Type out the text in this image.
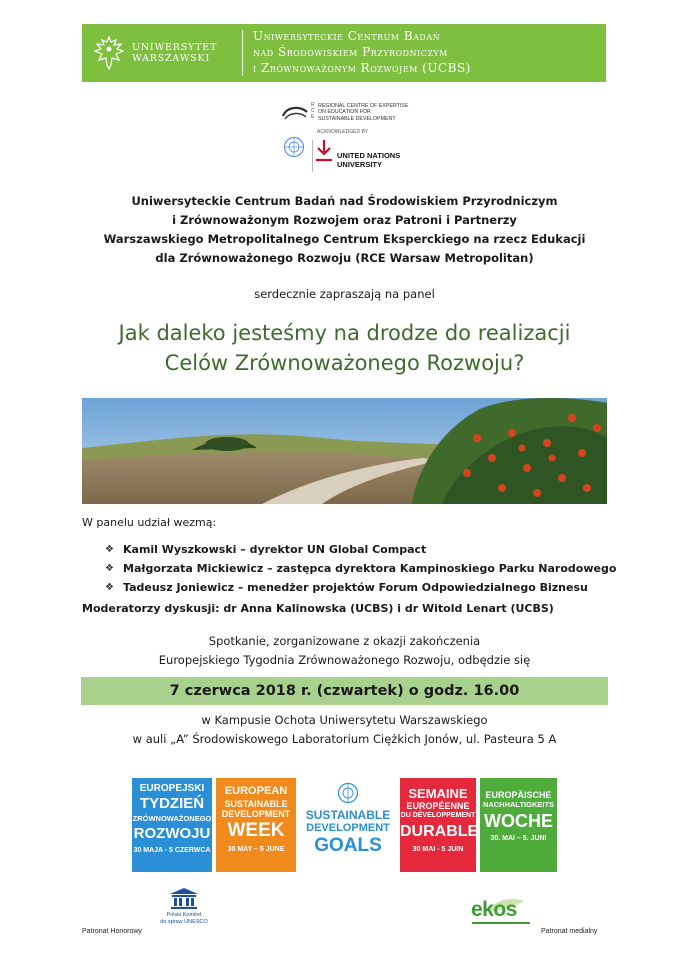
UNIWERSYTET
WARSZAWSKI
Uniwersyteckie Centrum Badań
nad Środowiskiem Przyrodniczym
i Zrównoważonym Rozwojem (UCBS)
R
C
E
REGIONAL CENTRE OF EXPERTISE
ON EDUCATION FOR
SUSTAINABLE DEVELOPMENT
ACKNOWLEDGED BY
UNITED NATIONS
UNIVERSITY
Uniwersyteckie Centrum Badań nad Środowiskiem Przyrodniczym
i Zrównoważonym Rozwojem oraz Patroni i Partnerzy
Warszawskiego Metropolitalnego Centrum Eksperckiego na rzecz Edukacji
dla Zrównoważonego Rozwoju (RCE Warsaw Metropolitan)
serdecznie zapraszają na panel
Jak daleko jesteśmy na drodze do realizacji
Celów Zrównoważonego Rozwoju?
W panelu udział wezmą:
❖ Kamil Wyszkowski – dyrektor UN Global Compact
❖ Małgorzata Mickiewicz – zastępca dyrektora Kampinoskiego Parku Narodowego
❖ Tadeusz Joniewicz – menedżer projektów Forum Odpowiedzialnego Biznesu
Moderatorzy dyskusji: dr Anna Kalinowska (UCBS) i dr Witold Lenart (UCBS)
Spotkanie, zorganizowane z okazji zakończenia
Europejskiego Tygodnia Zrównoważonego Rozwoju, odbędzie się
7 czerwca 2018 r. (czwartek) o godz. 16.00
w Kampusie Ochota Uniwersytetu Warszawskiego
w auli „A” Środowiskowego Laboratorium Ciężkich Jonów, ul. Pasteura 5 A
EUROPEJSKI
TYDZIEŃ
ZRÓWNOWAŻONEGO
ROZWOJU
30 MAJA - 5 CZERWCA
EUROPEAN
SUSTAINABLE
DEVELOPMENT
WEEK
30 MAY – 5 JUNE
SUSTAINABLE
DEVELOPMENT
GOALS
SEMAINE
EUROPÉENNE
DU DÉVELOPPEMENT
DURABLE
30 MAI - 5 JUIN
EUROPÄISCHE
NACHHALTIGKEITS
WOCHE
30. MAI – 5. JUNI
Polski Komitet
do spraw UNESCO
Patronat Honorowy
ekos
Patronat medialny
